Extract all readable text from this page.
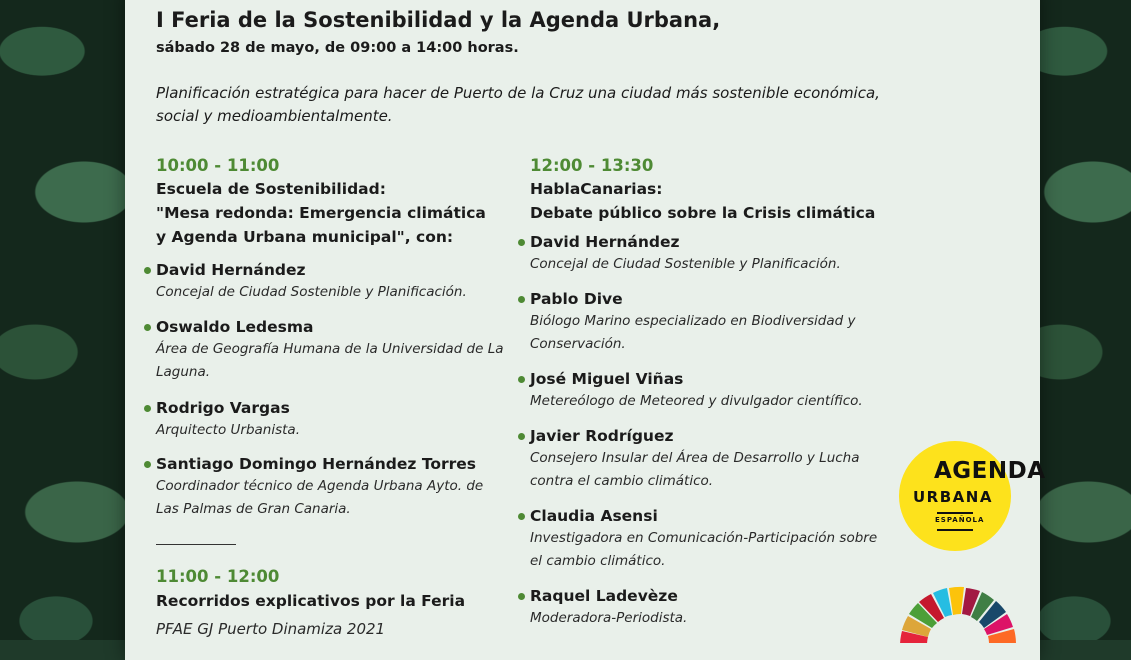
I Feria de la Sostenibilidad y la Agenda Urbana,
sábado 28 de mayo, de 09:00 a 14:00 horas.
Planificación estratégica para hacer de Puerto de la Cruz una ciudad más sostenible económica, social y medioambientalmente.
10:00 - 11:00
Escuela de Sostenibilidad:
"Mesa redonda: Emergencia climática
y Agenda Urbana municipal", con:
David Hernández
Concejal de Ciudad Sostenible y Planificación.
Oswaldo Ledesma
Área de Geografía Humana de la Universidad de La Laguna.
Rodrigo Vargas
Arquitecto Urbanista.
Santiago Domingo Hernández Torres
Coordinador técnico de Agenda Urbana Ayto. de Las Palmas de Gran Canaria.
11:00 - 12:00
Recorridos explicativos por la Feria
PFAE GJ Puerto Dinamiza 2021
12:00 - 13:30
HablaCanarias:
Debate público sobre la Crisis climática
David Hernández
Concejal de Ciudad Sostenible y Planificación.
Pablo Dive
Biólogo Marino especializado en Biodiversidad y Conservación.
José Miguel Viñas
Metereólogo de Meteored y divulgador científico.
Javier Rodríguez
Consejero Insular del Área de Desarrollo y Lucha contra el cambio climático.
Claudia Asensi
Investigadora en Comunicación-Participación sobre el cambio climático.
Raquel Ladevèze
Moderadora-Periodista.
AGENDA
URBANA
ESPAÑOLA
